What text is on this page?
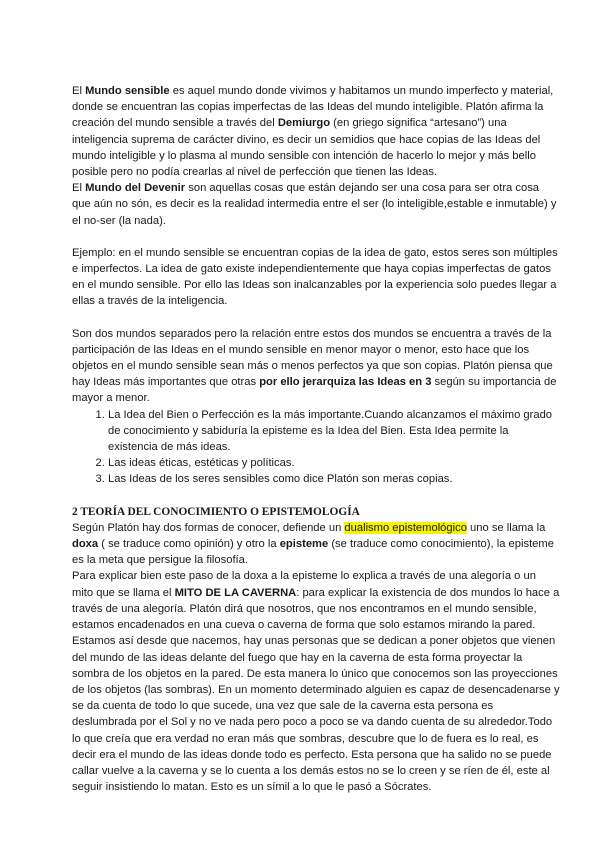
El Mundo sensible es aquel mundo donde vivimos y habitamos un mundo imperfecto y material, donde se encuentran las copias imperfectas de las Ideas del mundo inteligible. Platón afirma la creación del mundo sensible a través del Demiurgo (en griego significa “artesano”) una inteligencia suprema de carácter divino, es decir un semidios que hace copias de las Ideas del mundo inteligible y lo plasma al mundo sensible con intención de hacerlo lo mejor y más bello posible pero no podía crearlas al nivel de perfección que tienen las Ideas.

El Mundo del Devenir son aquellas cosas que están dejando ser una cosa para ser otra cosa que aún no són, es decir es la realidad intermedia entre el ser (lo inteligible,estable e inmutable) y el no-ser (la nada).

Ejemplo: en el mundo sensible se encuentran copias de la idea de gato, estos seres son múltiples e imperfectos. La idea de gato existe independientemente que haya copias imperfectas de gatos en el mundo sensible. Por ello las Ideas son inalcanzables por la experiencia solo puedes llegar a ellas a través de la inteligencia.

Son dos mundos separados pero la relación entre estos dos mundos se encuentra a través de la participación de las Ideas en el mundo sensible en menor mayor o menor, esto hace que los objetos en el mundo sensible sean más o menos perfectos ya que son copias. Platón piensa que hay Ideas más importantes que otras por ello jerarquiza las Ideas en 3 según su importancia de mayor a menor.

1. La Idea del Bien o Perfección es la más importante.Cuando alcanzamos el máximo grado de conocimiento y sabiduría la episteme es la Idea del Bien. Esta Idea permite la existencia de más ideas.
2. Las ideas éticas, estéticas y políticas.
3. Las Ideas de los seres sensibles como dice Platón son meras copias.

2 TEORÍA DEL CONOCIMIENTO O EPISTEMOLOGÍA

Según Platón hay dos formas de conocer, defiende un dualismo epistemológico uno se llama la doxa ( se traduce como opinión) y otro la episteme (se traduce como conocimiento), la episteme es la meta que persigue la filosofía.

Para explicar bien este paso de la doxa a la episteme lo explica a través de una alegoría o un mito que se llama el MITO DE LA CAVERNA: para explicar la existencia de dos mundos lo hace a través de una alegoría. Platón dirá que nosotros, que nos encontramos en el mundo sensible, estamos encadenados en una cueva o caverna de forma que solo estamos mirando la pared. Estamos así desde que nacemos, hay unas personas que se dedican a poner objetos que vienen del mundo de las ideas delante del fuego que hay en la caverna de esta forma proyectar la sombra de los objetos en la pared. De esta manera lo único que conocemos son las proyecciones de los objetos (las sombras). En un momento determinado alguien es capaz de desencadenarse y se da cuenta de todo lo que sucede, una vez que sale de la caverna esta persona es deslumbrada por el Sol y no ve nada pero poco a poco se va dando cuenta de su alrededor.Todo lo que creía que era verdad no eran más que sombras, descubre que lo de fuera es lo real, es decir era el mundo de las ideas donde todo es perfecto. Esta persona que ha salido no se puede callar vuelve a la caverna y se lo cuenta a los demás estos no se lo creen y se ríen de él, este al seguir insistiendo lo matan. Esto es un símil a lo que le pasó a Sócrates.
